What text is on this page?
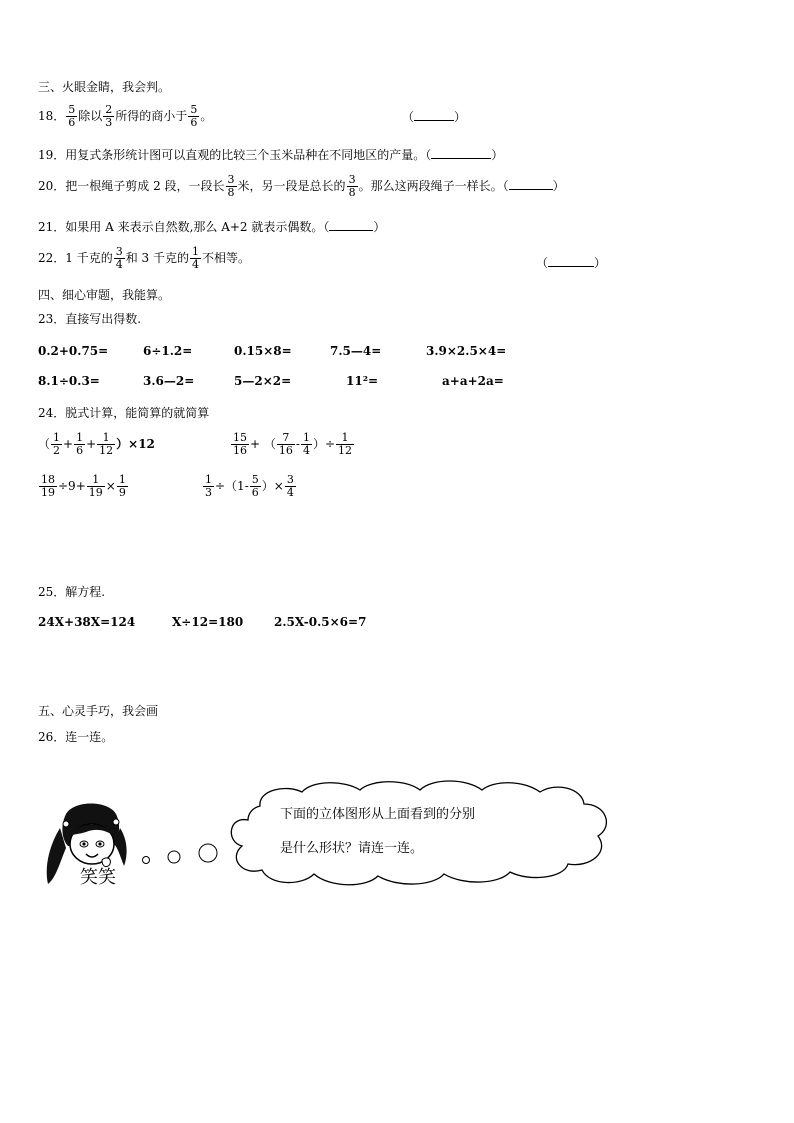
三、火眼金睛，我会判。
18． $\frac{5}{6}$ 除以 $\frac{2}{3}$ 所得的商小于 $\frac{5}{6}$ 。	（	）
19．用复式条形统计图可以直观的比较三个玉米品种在不同地区的产量。（	）
20．把一根绳子剪成 2 段，一段长 $\frac{3}{8}$ 米，另一段是总长的 $\frac{3}{8}$ 。那么这两段绳子一样长。（	）
21．如果用 A 来表示自然数,那么 A+2 就表示偶数。（	）
22．1 千克的 $\frac{3}{4}$ 和 3 千克的 $\frac{1}{4}$ 不相等。	（	）
四、细心审题，我能算。
23．直接写出得数.
0.2+0.75=	6÷1.2=	0.15×8=	7.5—4=	3.9×2.5×4=
8.1÷0.3=	3.6—2=	5—2×2=	11²=	a+a+2a=
24．脱式计算，能简算的就简算
（ $\frac{1}{2} + \frac{1}{6} + \frac{1}{12} )\times 12$	$\frac{15}{16}$ + （ $\frac{7}{16} - \frac{1}{4}$ ）÷ $\frac{1}{12}$
$\frac{18}{19} \div 9+ \frac{1}{19} \times \frac{1}{9}$	$\frac{1}{3} \div(1- \frac{5}{6}$ ）× $\frac{3}{4}$
25．解方程.
24X+38X=124	X÷12=180	2.5X-0.5×6=7
五、心灵手巧，我会画
26．连一连。
笑笑
下面的立体图形从上面看到的分别
是什么形状？请连一连。
